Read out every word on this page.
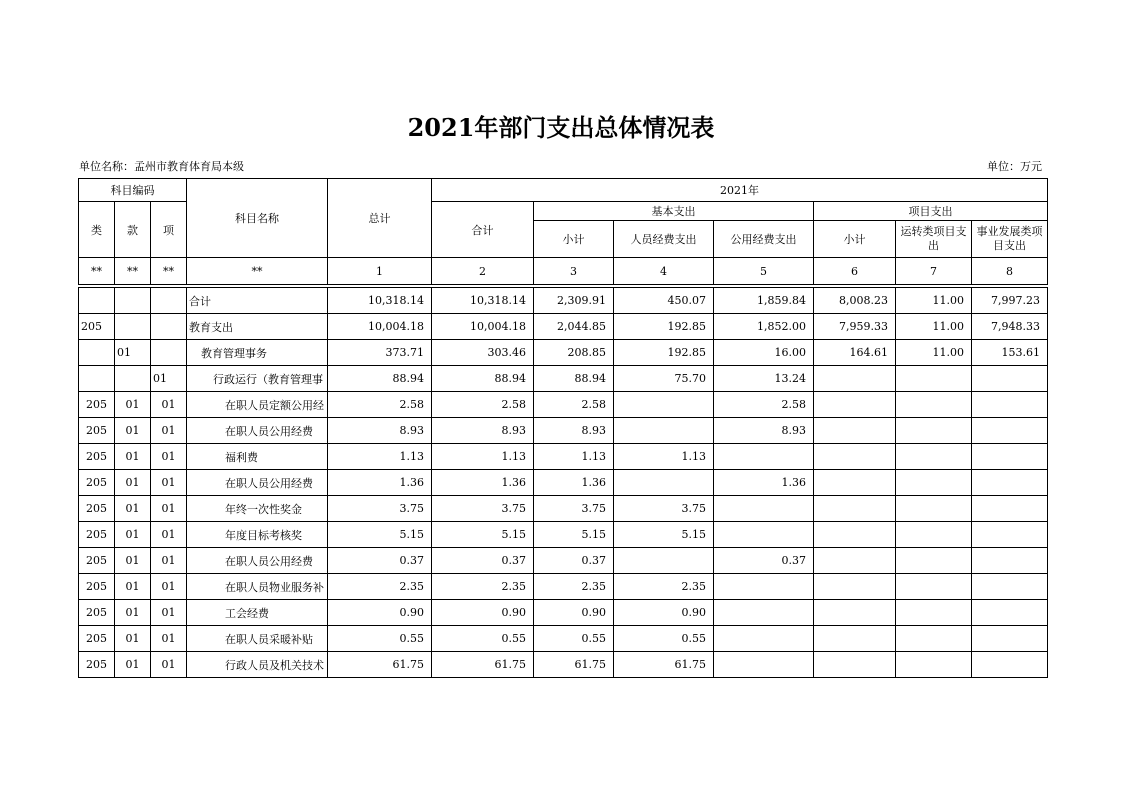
2021年部门支出总体情况表
单位名称：孟州市教育体育局本级	单位：万元
科目编码			科目名称	总计	2021年						
类	款	项			合计	基本支出			项目支出		
						小计	人员经费支出	公用经费支出	小计	运转类项目支出	事业发展类项目支出

**	**	**	**	1	2	3	4	5	6	7	8

			合计	10,318.14	10,318.14	2,309.91	450.07	1,859.84	8,008.23	11.00	7,997.23
205			教育支出	10,004.18	10,004.18	2,044.85	192.85	1,852.00	7,959.33	11.00	7,948.33
	01		教育管理事务	373.71	303.46	208.85	192.85	16.00	164.61	11.00	153.61
		01	行政运行（教育管理事	88.94	88.94	88.94	75.70	13.24			
205	01	01	在职人员定额公用经	2.58	2.58	2.58		2.58			
205	01	01	在职人员公用经费	8.93	8.93	8.93		8.93			
205	01	01	福利费	1.13	1.13	1.13	1.13				
205	01	01	在职人员公用经费	1.36	1.36	1.36		1.36			
205	01	01	年终一次性奖金	3.75	3.75	3.75	3.75				
205	01	01	年度目标考核奖	5.15	5.15	5.15	5.15				
205	01	01	在职人员公用经费	0.37	0.37	0.37		0.37			
205	01	01	在职人员物业服务补	2.35	2.35	2.35	2.35				
205	01	01	工会经费	0.90	0.90	0.90	0.90				
205	01	01	在职人员采暖补贴	0.55	0.55	0.55	0.55				
205	01	01	行政人员及机关技术	61.75	61.75	61.75	61.75				
